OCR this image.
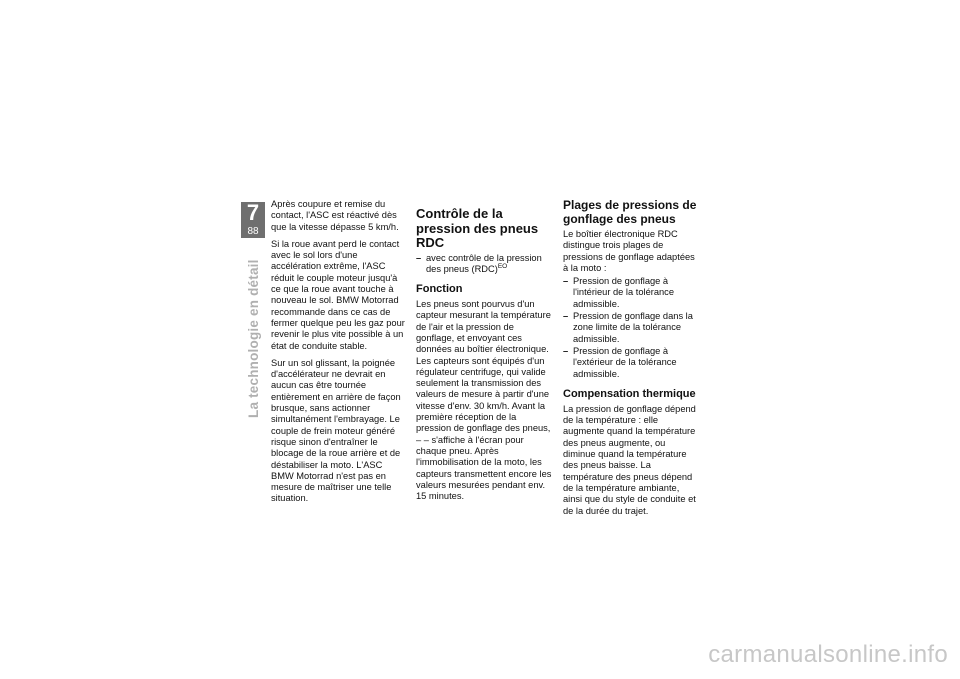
7
88
La technologie en détail

Après coupure et remise du contact, l'ASC est réactivé dès que la vitesse dépasse 5 km/h.

Si la roue avant perd le contact avec le sol lors d'une accélération extrême, l'ASC réduit le couple moteur jusqu'à ce que la roue avant touche à nouveau le sol. BMW Motorrad recommande dans ce cas de fermer quelque peu les gaz pour revenir le plus vite possible à un état de conduite stable.

Sur un sol glissant, la poignée d'accélérateur ne devrait en aucun cas être tournée entièrement en arrière de façon brusque, sans actionner simultanément l'embrayage. Le couple de frein moteur généré risque sinon d'entraîner le blocage de la roue arrière et de déstabiliser la moto. L'ASC BMW Motorrad n'est pas en mesure de maîtriser une telle situation.

Contrôle de la pression des pneus RDC
– avec contrôle de la pression des pneus (RDC)$^{EO}$
Fonction

Les pneus sont pourvus d'un capteur mesurant la température de l'air et la pression de gonflage, et envoyant ces données au boîtier électronique.
Les capteurs sont équipés d'un régulateur centrifuge, qui valide seulement la transmission des valeurs de mesure à partir d'une vitesse d'env. 30 km/h. Avant la première réception de la pression de gonflage des pneus, – – s'affiche à l'écran pour chaque pneu. Après l'immobilisation de la moto, les capteurs transmettent encore les valeurs mesurées pendant env. 15 minutes.

Plages de pressions de gonflage des pneus

Le boîtier électronique RDC distingue trois plages de pressions de gonflage adaptées à la moto :

– Pression de gonflage à l'intérieur de la tolérance admissible.
– Pression de gonflage dans la zone limite de la tolérance admissible.
– Pression de gonflage à l'extérieur de la tolérance admissible.
Compensation thermique

La pression de gonflage dépend de la température : elle augmente quand la température des pneus augmente, ou diminue quand la température des pneus baisse. La température des pneus dépend de la température ambiante, ainsi que du style de conduite et de la durée du trajet.

carmanualsonline.info
